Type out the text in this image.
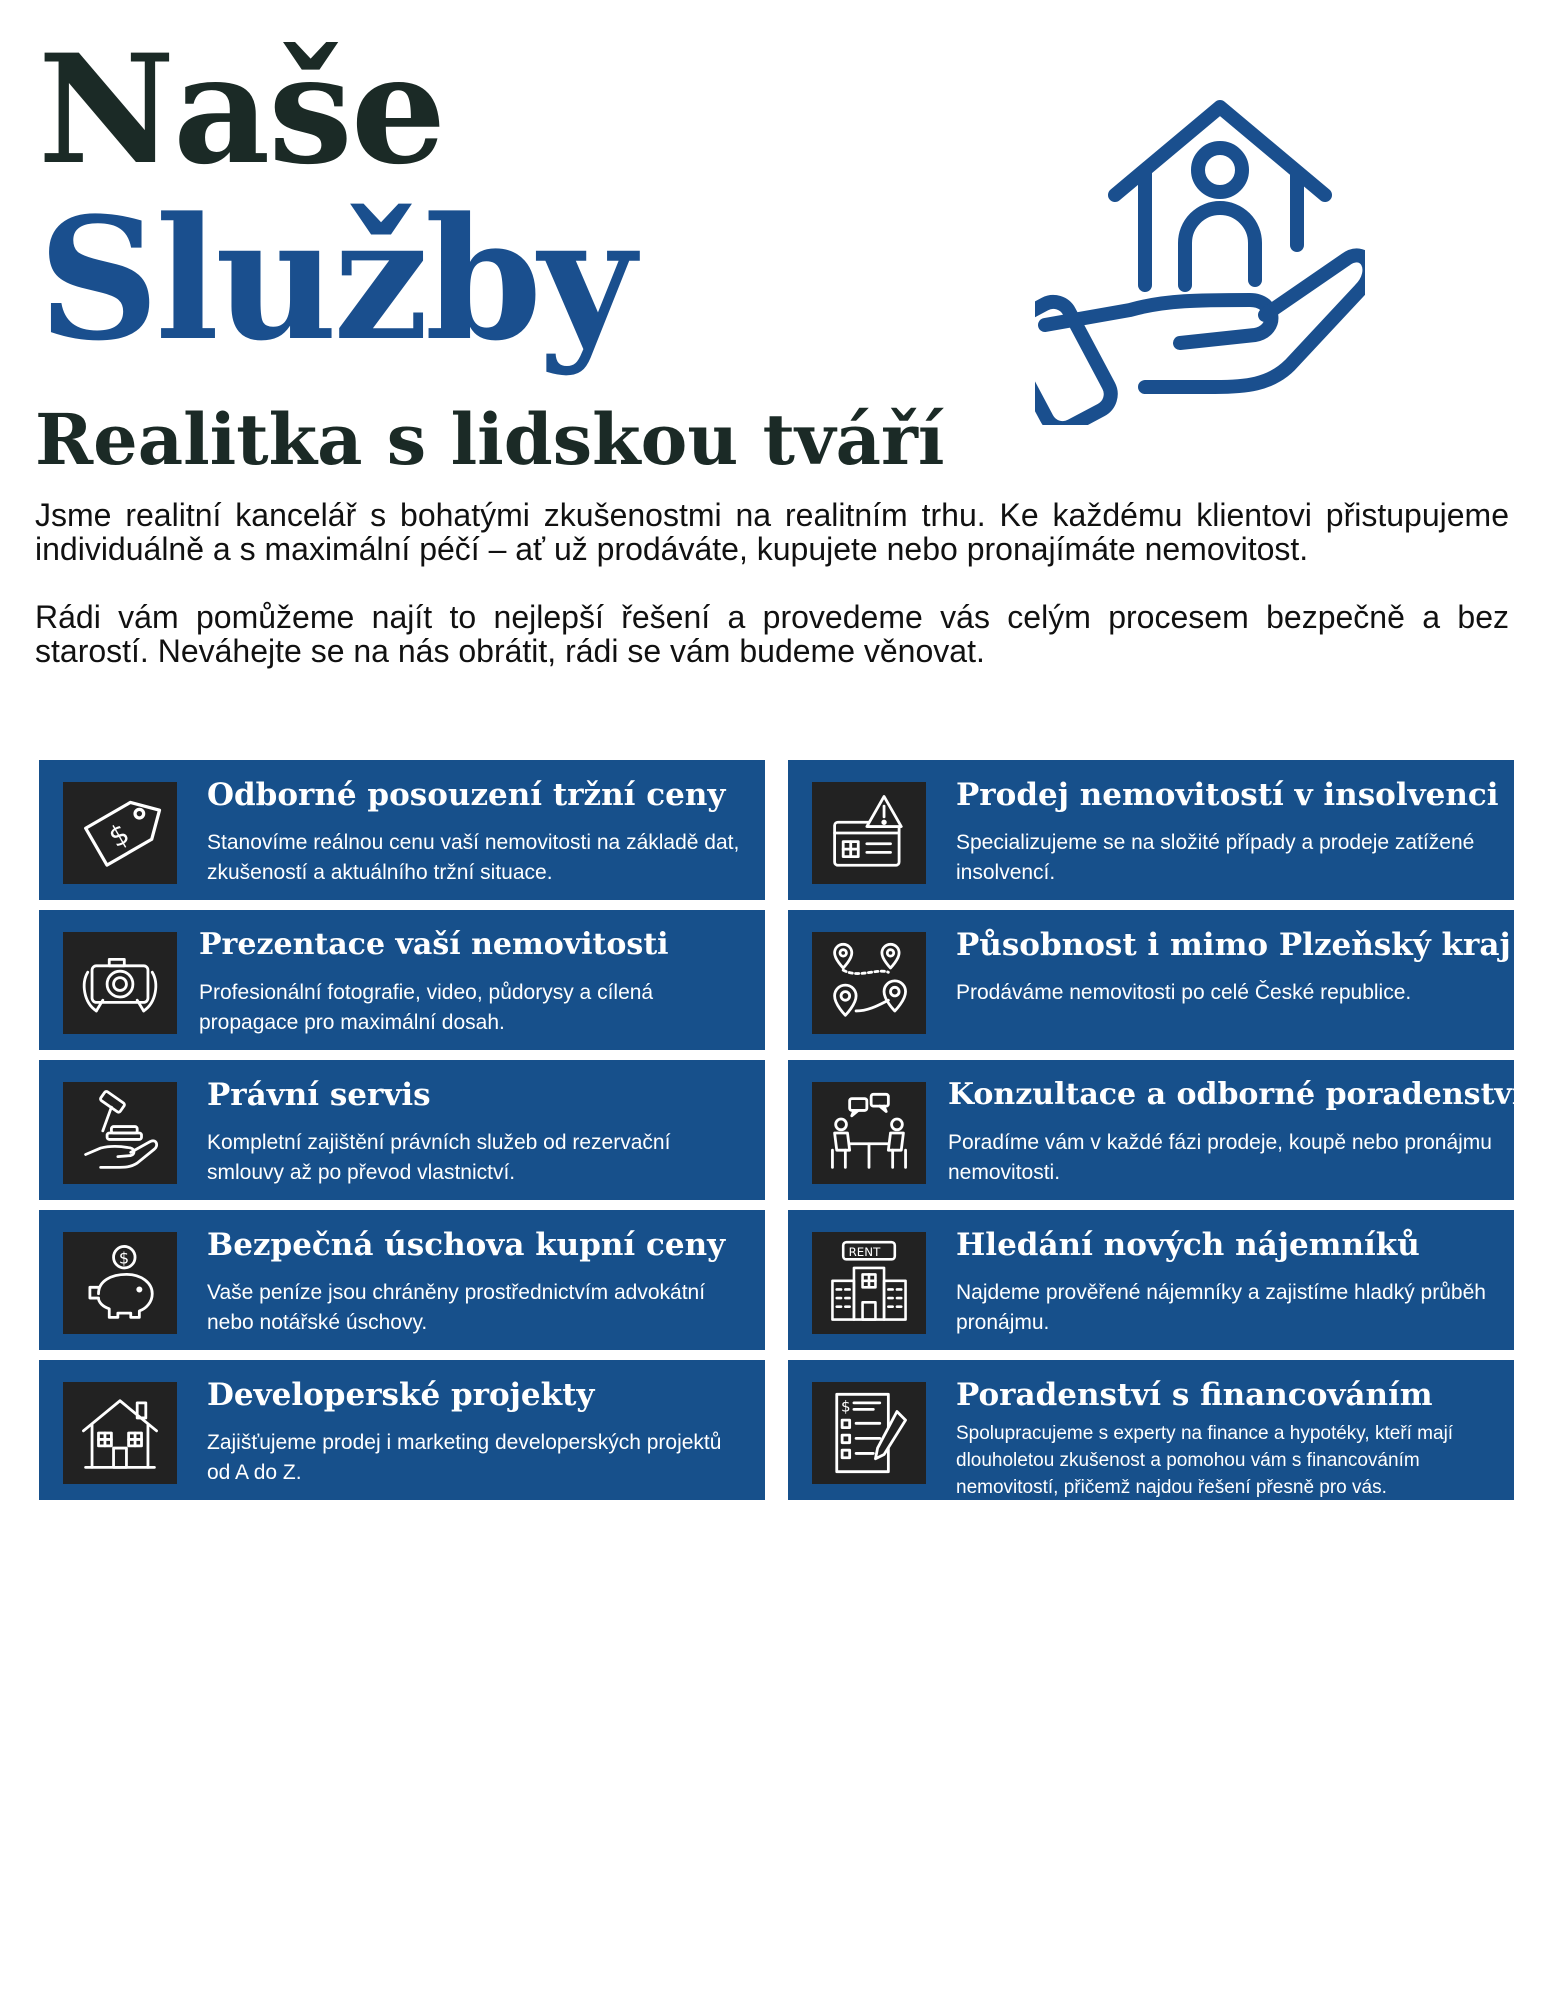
Naše
Služby
Realitka s lidskou tváří

Jsme realitní kancelář s bohatými zkušenostmi na realitním trhu. Ke každému klientovi přistupujeme individuálně a s maximální péčí – ať už prodáváte, kupujete nebo pronajímáte nemovitost.

Rádi vám pomůžeme najít to nejlepší řešení a provedeme vás celým procesem bezpečně a bez starostí. Neváhejte se na nás obrátit, rádi se vám budeme věnovat.

$
Odborné posouzení tržní ceny
Stanovíme reálnou cenu vaší nemovitosti na základě dat, zkušeností a aktuálního tržní situace.
Prezentace vaší nemovitosti
Profesionální fotografie, video, půdorysy a cílená propagace pro maximální dosah.
Právní servis
Kompletní zajištění právních služeb od rezervační smlouvy až po převod vlastnictví.
$	Bezpečná úschova kupní ceny
Vaše peníze jsou chráněny prostřednictvím advokátní nebo notářské úschovy.
Developerské projekty
Zajišťujeme prodej i marketing developerských projektů od A do Z.
Prodej nemovitostí v insolvenci
Specializujeme se na složité případy a prodeje zatížené insolvencí.
Působnost i mimo Plzeňský kraj
Prodáváme nemovitosti po celé České republice.
Konzultace a odborné poradenství
Poradíme vám v každé fázi prodeje, koupě nebo pronájmu nemovitosti.
RENT Hledání nových nájemníků
Najdeme prověřené nájemníky a zajistíme hladký průběh pronájmu.
$	Poradenství s financováním
Spolupracujeme s experty na finance a hypotéky, kteří mají dlouholetou zkušenost a pomohou vám s financováním nemovitostí, přičemž najdou řešení přesně pro vás.
